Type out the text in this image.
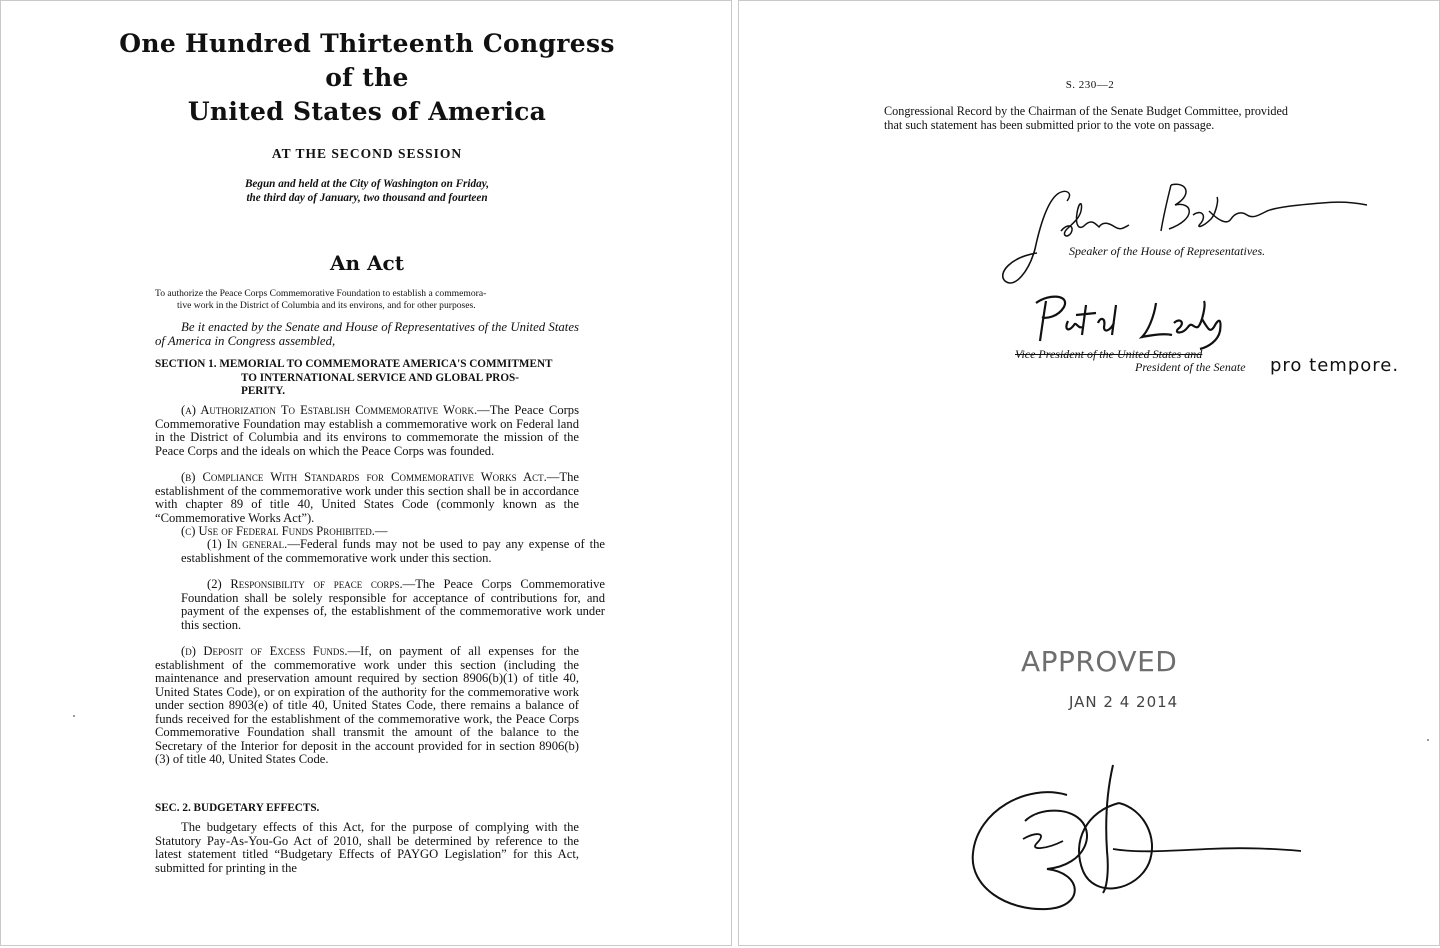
One Hundred Thirteenth Congress
of the
United States of America
AT THE SECOND SESSION
Begun and held at the City of Washington on Friday,
the third day of January, two thousand and fourteen
An Act
To authorize the Peace Corps Commemorative Foundation to establish a commemora-
tive work in the District of Columbia and its environs, and for other purposes.
Be it enacted by the Senate and House of Representatives of the United States of America in Congress assembled,
SECTION 1. MEMORIAL TO COMMEMORATE AMERICA'S COMMITMENT
TO INTERNATIONAL SERVICE AND GLOBAL PROS-
PERITY.
(a) Authorization To Establish Commemorative Work.—The Peace Corps Commemorative Foundation may establish a commemorative work on Federal land in the District of Columbia and its environs to commemorate the mission of the Peace Corps and the ideals on which the Peace Corps was founded.
(b) Compliance With Standards for Commemorative Works Act.—The establishment of the commemorative work under this section shall be in accordance with chapter 89 of title 40, United States Code (commonly known as the “Commemorative Works Act”).
(c) Use of Federal Funds Prohibited.—
(1) In general.—Federal funds may not be used to pay any expense of the establishment of the commemorative work under this section.
(2) Responsibility of peace corps.—The Peace Corps Commemorative Foundation shall be solely responsible for acceptance of contributions for, and payment of the expenses of, the establishment of the commemorative work under this section.
(d) Deposit of Excess Funds.—If, on payment of all expenses for the establishment of the commemorative work under this section (including the maintenance and preservation amount required by section 8906(b)(1) of title 40, United States Code), or on expiration of the authority for the commemorative work under section 8903(e) of title 40, United States Code, there remains a balance of funds received for the establishment of the commemorative work, the Peace Corps Commemorative Foundation shall transmit the amount of the balance to the Secretary of the Interior for deposit in the account provided for in section 8906(b)(3) of title 40, United States Code.
SEC. 2. BUDGETARY EFFECTS.
The budgetary effects of this Act, for the purpose of complying with the Statutory Pay-As-You-Go Act of 2010, shall be determined by reference to the latest statement titled “Budgetary Effects of PAYGO Legislation” for this Act, submitted for printing in the
S. 230—2
Congressional Record by the Chairman of the Senate Budget Committee, provided that such statement has been submitted prior to the vote on passage.
Speaker of the House of Representatives.
Vice President of the United States and
President of the Senate pro tempore.
APPROVED
JAN 2 4 2014
